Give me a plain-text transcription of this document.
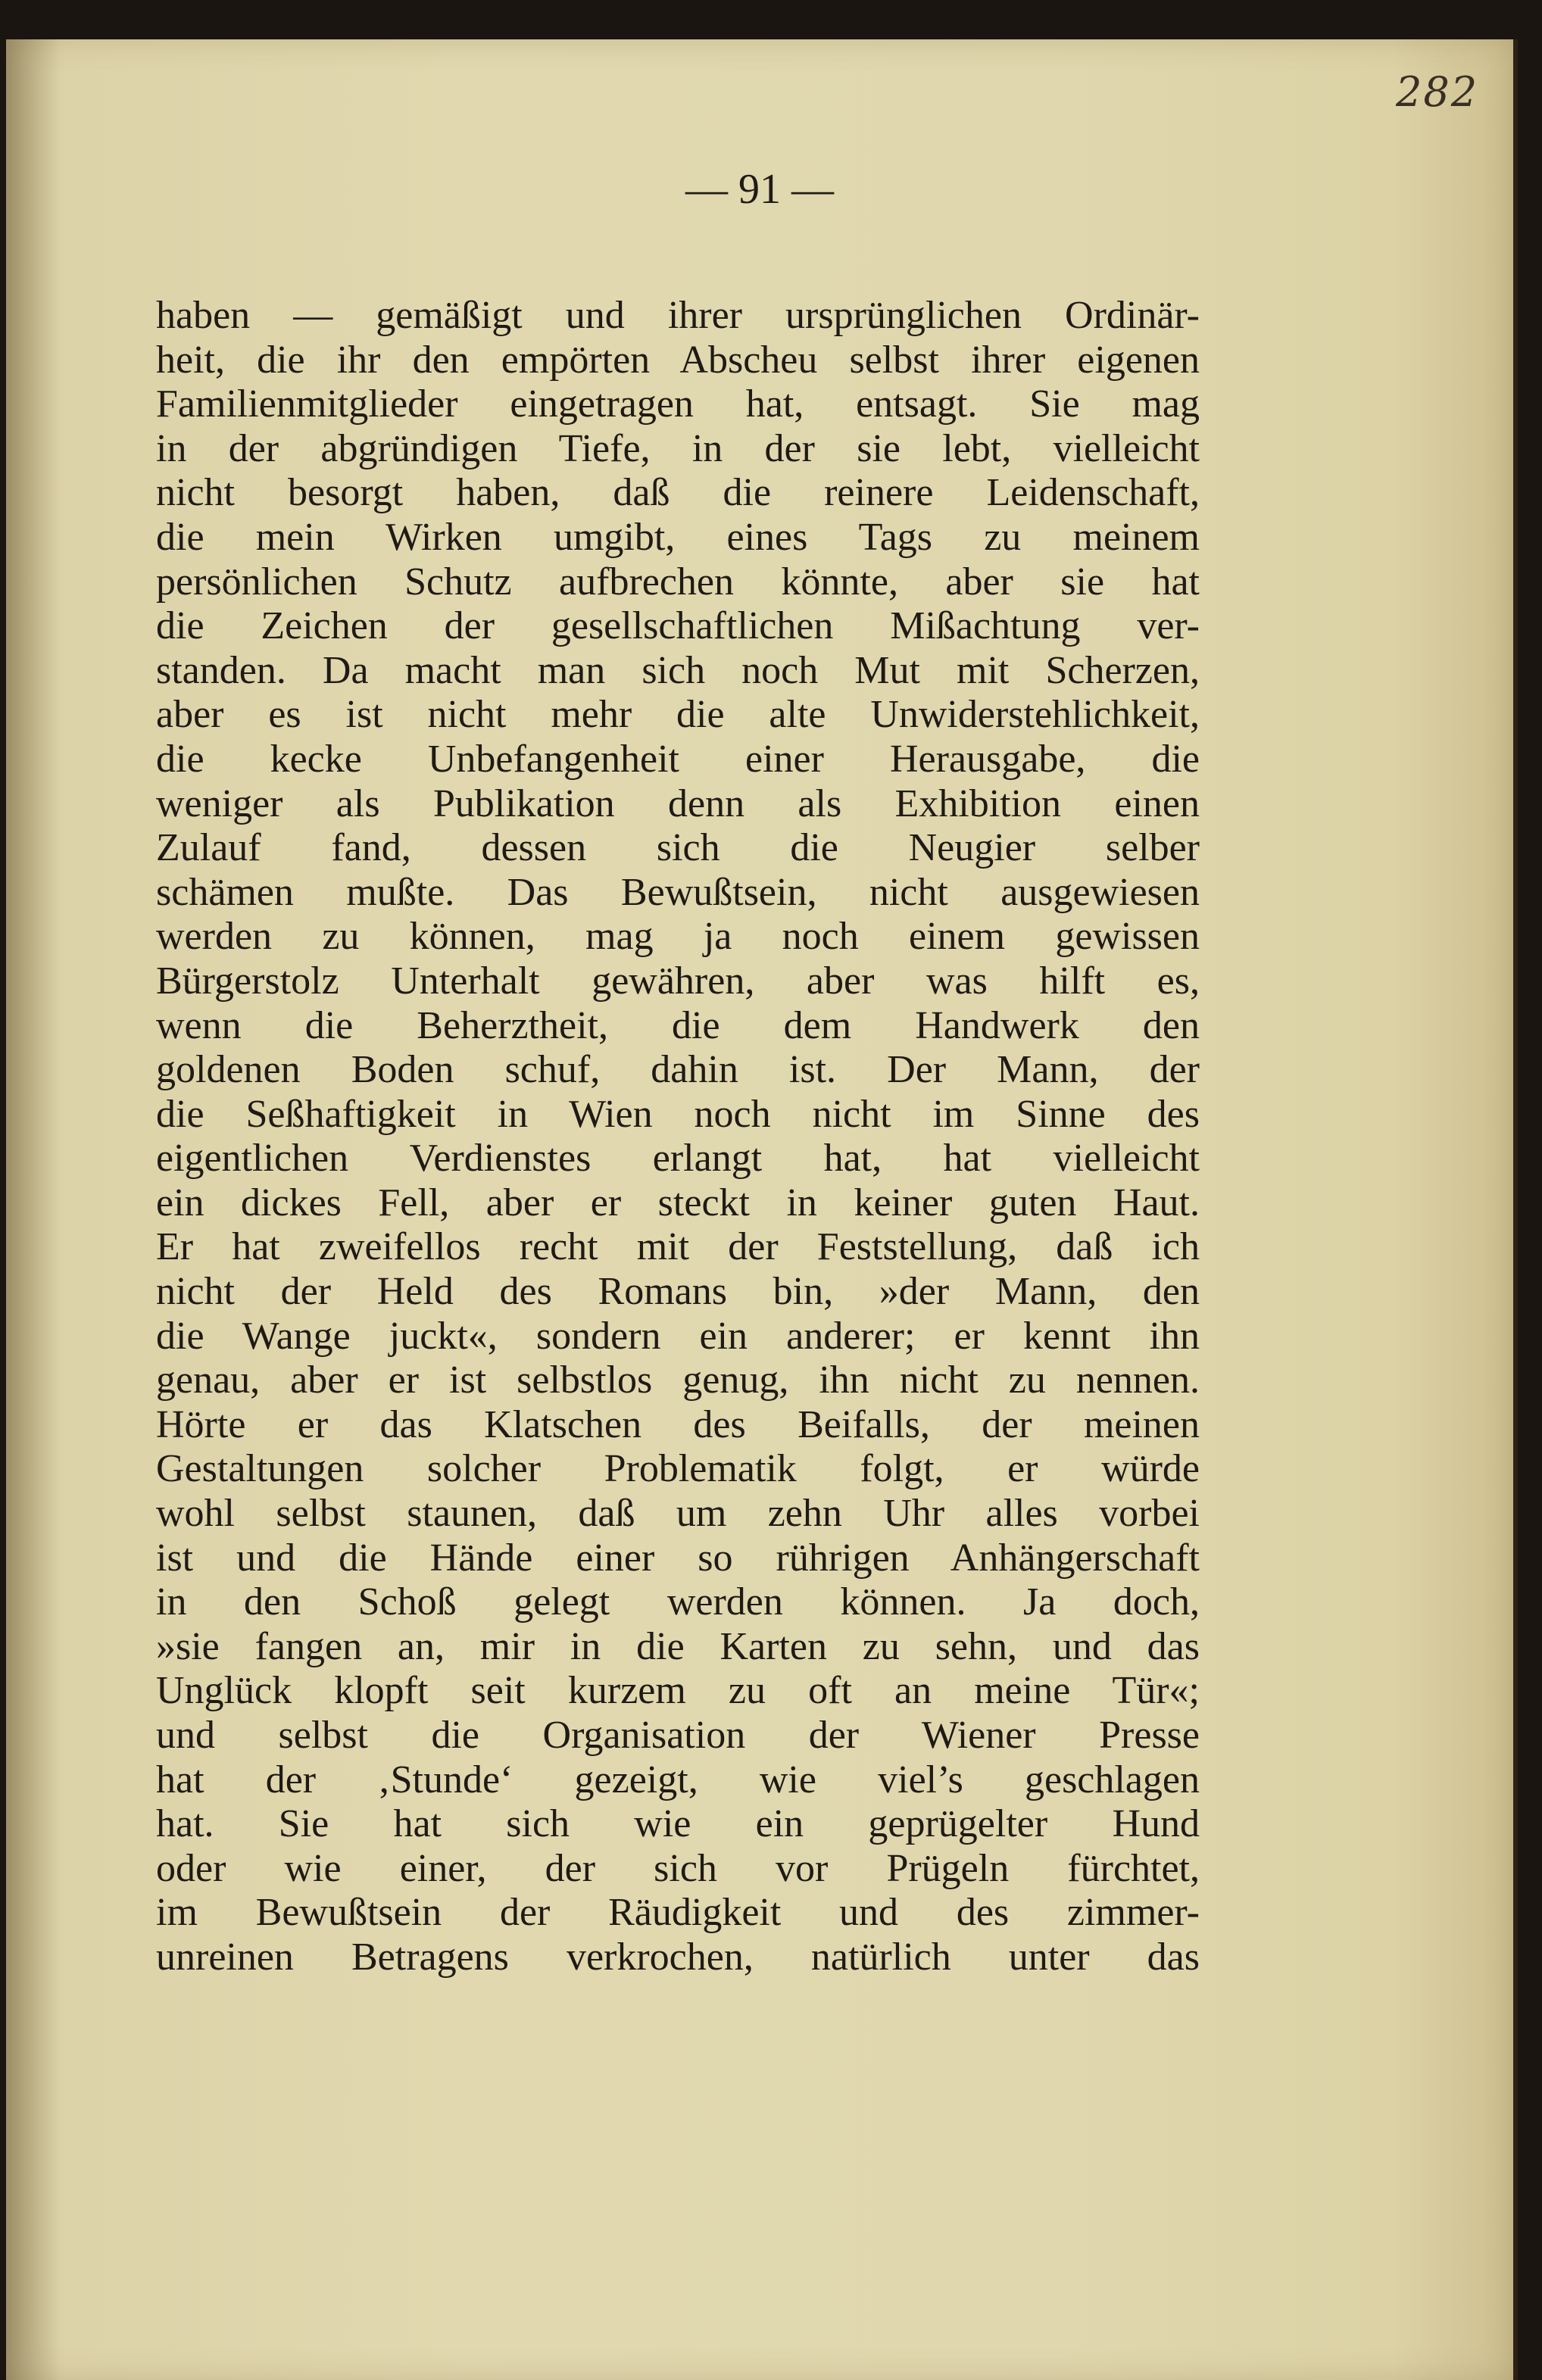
282

— 91 —

haben — gemäßigt und ihrer ursprünglichen Ordinär-
heit, die ihr den empörten Abscheu selbst ihrer eigenen
Familienmitglieder eingetragen hat, entsagt. Sie mag
in der abgründigen Tiefe, in der sie lebt, vielleicht
nicht besorgt haben, daß die reinere Leidenschaft,
die mein Wirken umgibt, eines Tags zu meinem
persönlichen Schutz aufbrechen könnte, aber sie hat
die Zeichen der gesellschaftlichen Mißachtung ver-
standen. Da macht man sich noch Mut mit Scherzen,
aber es ist nicht mehr die alte Unwiderstehlichkeit,
die kecke Unbefangenheit einer Herausgabe, die
weniger als Publikation denn als Exhibition einen
Zulauf fand, dessen sich die Neugier selber
schämen mußte. Das Bewußtsein, nicht ausgewiesen
werden zu können, mag ja noch einem gewissen
Bürgerstolz Unterhalt gewähren, aber was hilft es,
wenn die Beherztheit, die dem Handwerk den
goldenen Boden schuf, dahin ist. Der Mann, der
die Seßhaftigkeit in Wien noch nicht im Sinne des
eigentlichen Verdienstes erlangt hat, hat vielleicht
ein dickes Fell, aber er steckt in keiner guten Haut.
Er hat zweifellos recht mit der Feststellung, daß ich
nicht der Held des Romans bin, »der Mann, den
die Wange juckt«, sondern ein anderer; er kennt ihn
genau, aber er ist selbstlos genug, ihn nicht zu nennen.
Hörte er das Klatschen des Beifalls, der meinen
Gestaltungen solcher Problematik folgt, er würde
wohl selbst staunen, daß um zehn Uhr alles vorbei
ist und die Hände einer so rührigen Anhängerschaft
in den Schoß gelegt werden können. Ja doch,
»sie fangen an, mir in die Karten zu sehn, und das
Unglück klopft seit kurzem zu oft an meine Tür«;
und selbst die Organisation der Wiener Presse
hat der ‚Stunde‘ gezeigt, wie viel’s geschlagen
hat. Sie hat sich wie ein geprügelter Hund
oder wie einer, der sich vor Prügeln fürchtet,
im Bewußtsein der Räudigkeit und des zimmer-
unreinen Betragens verkrochen, natürlich unter das
